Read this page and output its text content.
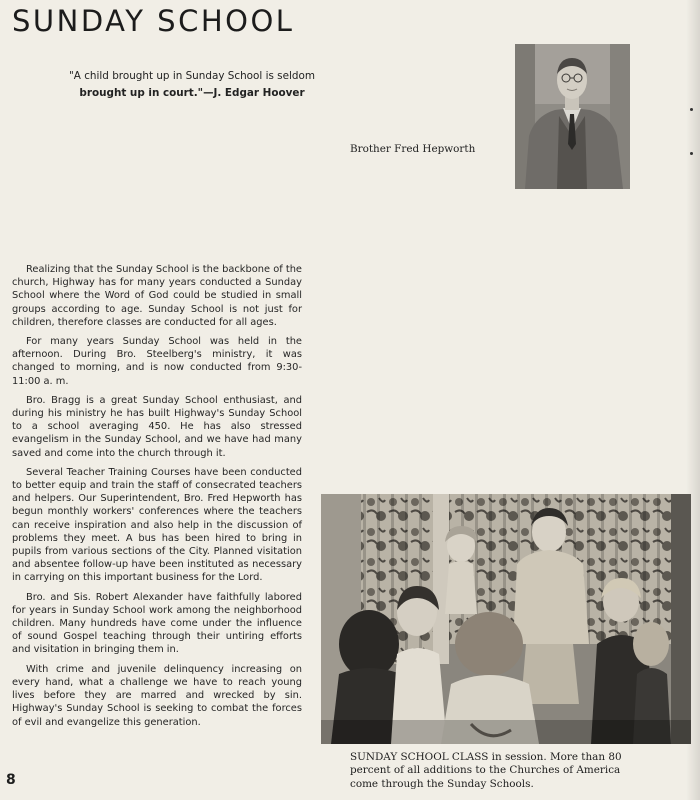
SUNDAY SCHOOL
"A child brought up in Sunday School is seldom
brought up in court."—J. Edgar Hoover
Brother Fred Hepworth

Realizing that the Sunday School is the backbone of the church, Highway has for many years conducted a Sunday School where the Word of God could be studied in small groups according to age. Sunday School is not just for children, therefore classes are conducted for all ages.

For many years Sunday School was held in the afternoon. During Bro. Steelberg's ministry, it was changed to morning, and is now conducted from 9:30-11:00 a. m.

Bro. Bragg is a great Sunday School enthusiast, and during his ministry he has built Highway's Sunday School to a school averaging 450. He has also stressed evangelism in the Sunday School, and we have had many saved and come into the church through it.

Several Teacher Training Courses have been conducted to better equip and train the staff of consecrated teachers and helpers. Our Superintendent, Bro. Fred Hepworth has begun monthly workers' conferences where the teachers can receive inspiration and also help in the discussion of problems they meet. A bus has been hired to bring in pupils from various sections of the City. Planned visitation and absentee follow-up have been instituted as necessary in carrying on this important business for the Lord.

Bro. and Sis. Robert Alexander have faithfully labored for years in Sunday School work among the neighborhood children. Many hundreds have come under the influence of sound Gospel teaching through their untiring efforts and visitation in bringing them in.

With crime and juvenile delinquency increasing on every hand, what a challenge we have to reach young lives before they are marred and wrecked by sin. Highway's Sunday School is seeking to combat the forces of evil and evangelize this generation.

SUNDAY SCHOOL CLASS in session. More than 80 percent of all additions to the Churches of America come through the Sunday Schools.
8
